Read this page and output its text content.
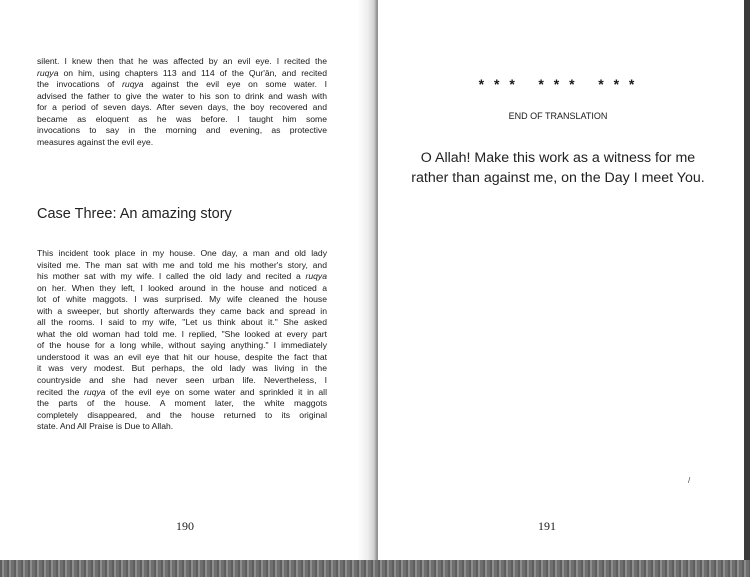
silent. I knew then that he was affected by an evil eye. I recited the
ruqya on him, using chapters 113 and 114 of the Qur'ān, and recited
the invocations of ruqya against the evil eye on some water. I
advised the father to give the water to his son to drink and wash with
for a period of seven days. After seven days, the boy recovered and
became as eloquent as he was before. I taught him some
invocations to say in the morning and evening, as protective
measures against the evil eye.
Case Three: An amazing story
This incident took place in my house. One day, a man and old lady
visited me. The man sat with me and told me his mother's story, and
his mother sat with my wife. I called the old lady and recited a ruqya
on her. When they left, I looked around in the house and noticed a
lot of white maggots. I was surprised. My wife cleaned the house
with a sweeper, but shortly afterwards they came back and spread in
all the rooms. I said to my wife, "Let us think about it." She asked
what the old woman had told me. I replied, "She looked at every part
of the house for a long while, without saying anything." I immediately
understood it was an evil eye that hit our house, despite the fact that
it was very modest. But perhaps, the old lady was living in the
countryside and she had never seen urban life. Nevertheless, I
recited the ruqya of the evil eye on some water and sprinkled it in all
the parts of the house. A moment later, the white maggots
completely disappeared, and the house returned to its original
state. And All Praise is Due to Allah.
190
* * *   * * *   * * *
END OF TRANSLATION
O Allah! Make this work as a witness for me
rather than against me, on the Day I meet You.
191
/
